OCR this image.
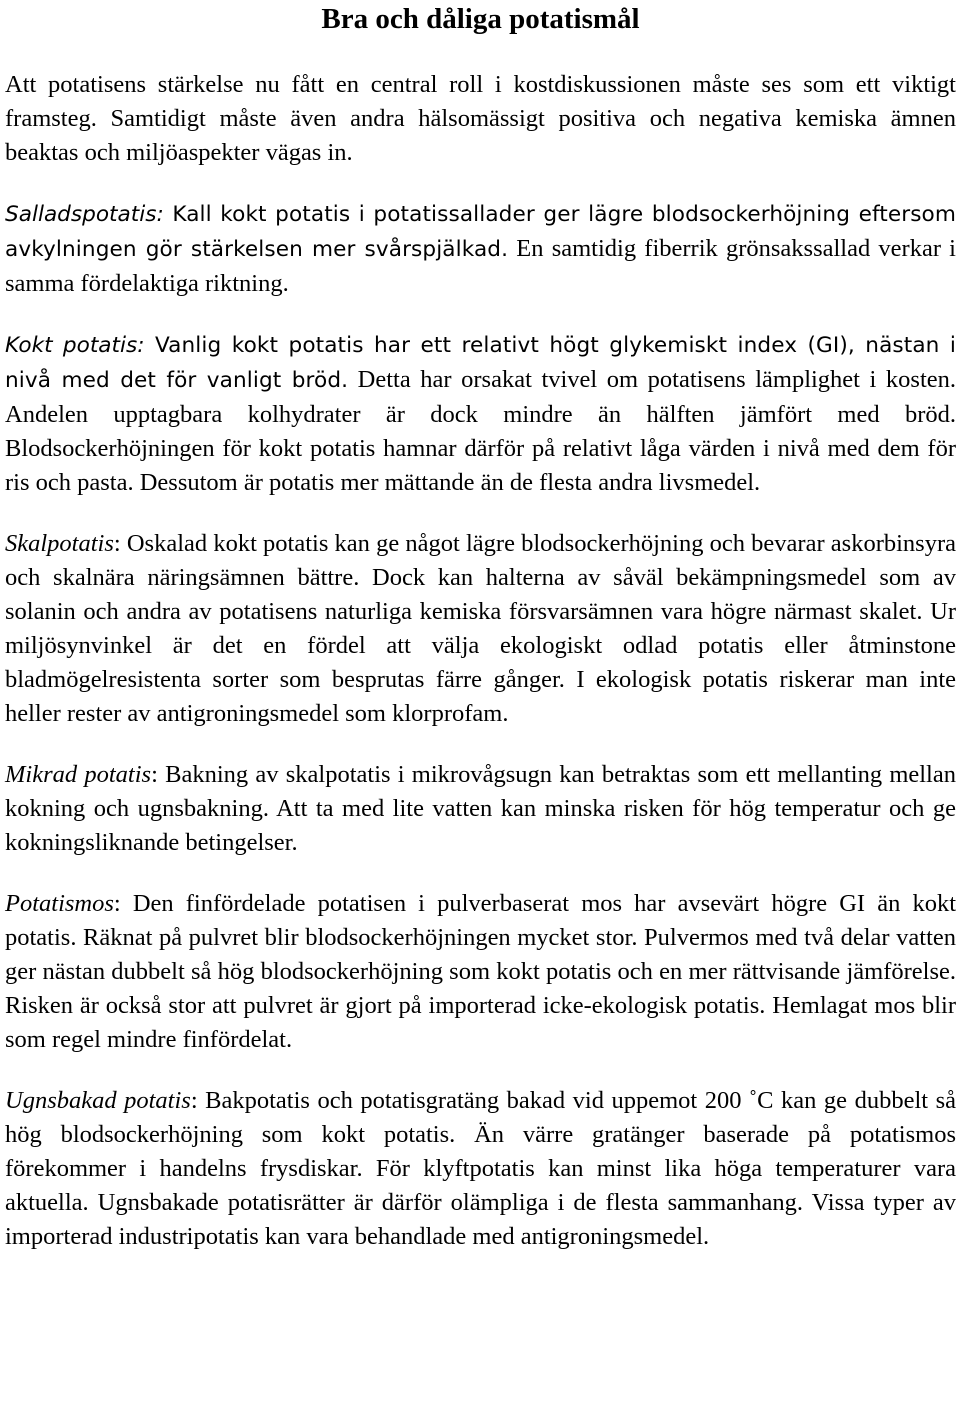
Bra och dåliga potatismål

Att potatisens stärkelse nu fått en central roll i kostdiskussionen måste ses som ett viktigt framsteg. Samtidigt måste även andra hälsomässigt positiva och negativa kemiska ämnen beaktas och miljöaspekter vägas in.

Salladspotatis: Kall kokt potatis i potatissallader ger lägre blodsockerhöjning eftersom avkylningen gör stärkelsen mer svårspjälkad. En samtidig fiberrik grönsakssallad verkar i samma fördelaktiga riktning.

Kokt potatis: Vanlig kokt potatis har ett relativt högt glykemiskt index (GI), nästan i nivå med det för vanligt bröd. Detta har orsakat tvivel om potatisens lämplighet i kosten. Andelen upptagbara kolhydrater är dock mindre än hälften jämfört med bröd. Blodsockerhöjningen för kokt potatis hamnar därför på relativt låga värden i nivå med dem för ris och pasta. Dessutom är potatis mer mättande än de flesta andra livsmedel.

Skalpotatis: Oskalad kokt potatis kan ge något lägre blodsockerhöjning och bevarar askorbinsyra och skalnära näringsämnen bättre. Dock kan halterna av såväl bekämpningsmedel som av solanin och andra av potatisens naturliga kemiska försvarsämnen vara högre närmast skalet. Ur miljösynvinkel är det en fördel att välja ekologiskt odlad potatis eller åtminstone bladmögelresistenta sorter som besprutas färre gånger. I ekologisk potatis riskerar man inte heller rester av antigroningsmedel som klorprofam.

Mikrad potatis: Bakning av skalpotatis i mikrovågsugn kan betraktas som ett mellanting mellan kokning och ugnsbakning. Att ta med lite vatten kan minska risken för hög temperatur och ge kokningsliknande betingelser.

Potatismos: Den finfördelade potatisen i pulverbaserat mos har avsevärt högre GI än kokt potatis. Räknat på pulvret blir blodsockerhöjningen mycket stor. Pulvermos med två delar vatten ger nästan dubbelt så hög blodsockerhöjning som kokt potatis och en mer rättvisande jämförelse. Risken är också stor att pulvret är gjort på importerad icke-ekologisk potatis. Hemlagat mos blir som regel mindre finfördelat.

Ugnsbakad potatis: Bakpotatis och potatisgratäng bakad vid uppemot 200 ˚C kan ge dubbelt så hög blodsockerhöjning som kokt potatis. Än värre gratänger baserade på potatismos förekommer i handelns frysdiskar. För klyftpotatis kan minst lika höga temperaturer vara aktuella. Ugnsbakade potatisrätter är därför olämpliga i de flesta sammanhang. Vissa typer av importerad industripotatis kan vara behandlade med antigroningsmedel.
